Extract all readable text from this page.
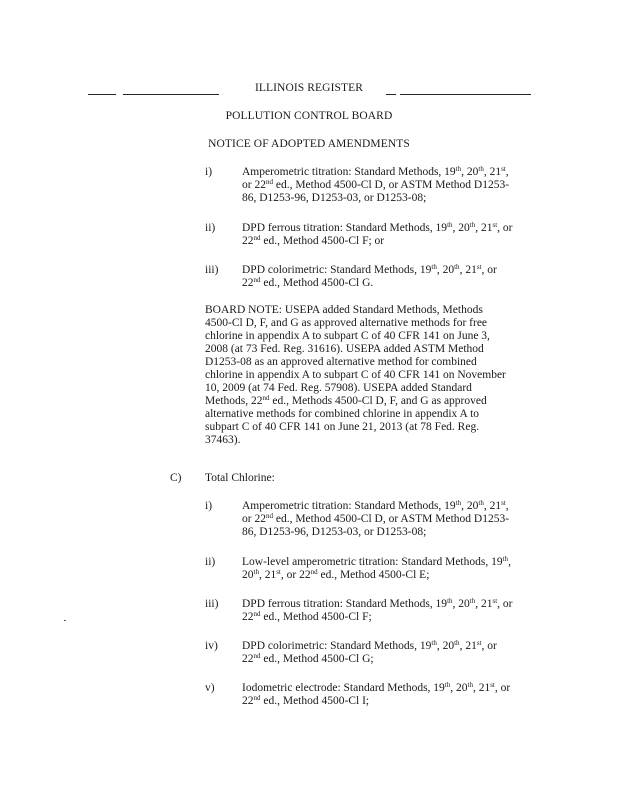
ILLINOIS REGISTER
POLLUTION CONTROL BOARD
NOTICE OF ADOPTED AMENDMENTS
i)	Amperometric titration: Standard Methods, 19th, 20th, 21st,
or 22nd ed., Method 4500-Cl D, or ASTM Method D1253-
86, D1253-96, D1253-03, or D1253-08;
ii) DPD ferrous titration: Standard Methods, 19th, 20th, 21st, or
22nd ed., Method 4500-Cl F; or
iii) DPD colorimetric: Standard Methods, 19th, 20th, 21st, or
22nd ed., Method 4500-Cl G.
BOARD NOTE: USEPA added Standard Methods, Methods
4500-Cl D, F, and G as approved alternative methods for free
chlorine in appendix A to subpart C of 40 CFR 141 on June 3,
2008 (at 73 Fed. Reg. 31616). USEPA added ASTM Method
D1253-08 as an approved alternative method for combined
chlorine in appendix A to subpart C of 40 CFR 141 on November
10, 2009 (at 74 Fed. Reg. 57908). USEPA added Standard
Methods, 22nd ed., Methods 4500-Cl D, F, and G as approved
alternative methods for combined chlorine in appendix A to
subpart C of 40 CFR 141 on June 21, 2013 (at 78 Fed. Reg.
37463).
C) Total Chlorine:
i)	Amperometric titration: Standard Methods, 19th, 20th, 21st,
or 22nd ed., Method 4500-Cl D, or ASTM Method D1253-
86, D1253-96, D1253-03, or D1253-08;
ii) Low-level amperometric titration: Standard Methods, 19th,
20th, 21st, or 22nd ed., Method 4500-Cl E;
iii) DPD ferrous titration: Standard Methods, 19th, 20th, 21st, or
22nd ed., Method 4500-Cl F;
iv) DPD colorimetric: Standard Methods, 19th, 20th, 21st, or
22nd ed., Method 4500-Cl G;
v) Iodometric electrode: Standard Methods, 19th, 20th, 21st, or
22nd ed., Method 4500-Cl I;
